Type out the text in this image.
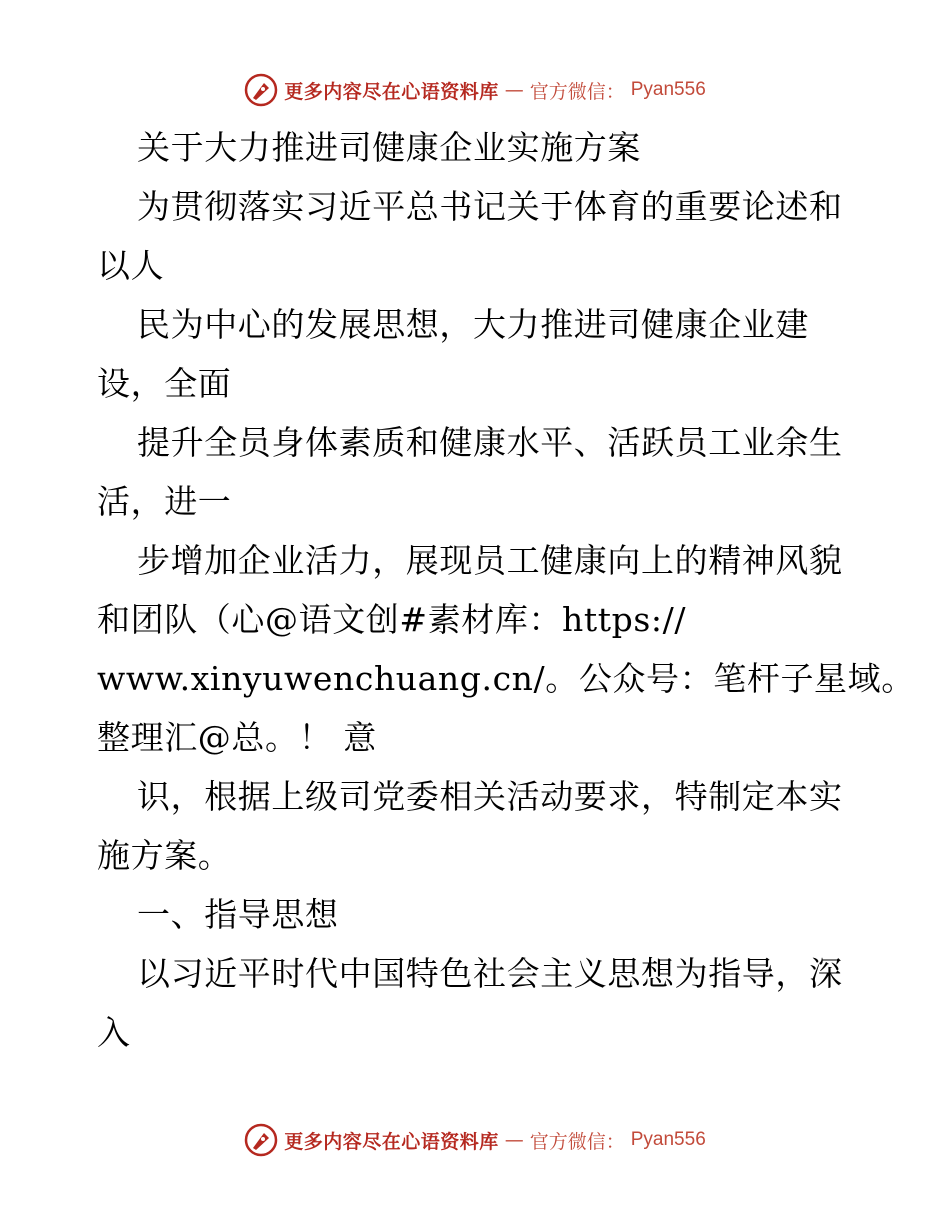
更多内容尽在心语资料库 — 官方微信： Pyan556
关于大力推进司健康企业实施方案
为贯彻落实习近平总书记关于体育的重要论述和
以人
民为中心的发展思想，大力推进司健康企业建
设，全面
提升全员身体素质和健康水平、活跃员工业余生
活，进一
步增加企业活力，展现员工健康向上的精神风貌
和团队（心@语文创#素材库：https://
www.xinyuwenchuang.cn/。公众号：笔杆子星域。
整理汇@总。！ 意
识，根据上级司党委相关活动要求，特制定本实
施方案。
一、指导思想
以习近平时代中国特色社会主义思想为指导，深
入
更多内容尽在心语资料库 — 官方微信： Pyan556
